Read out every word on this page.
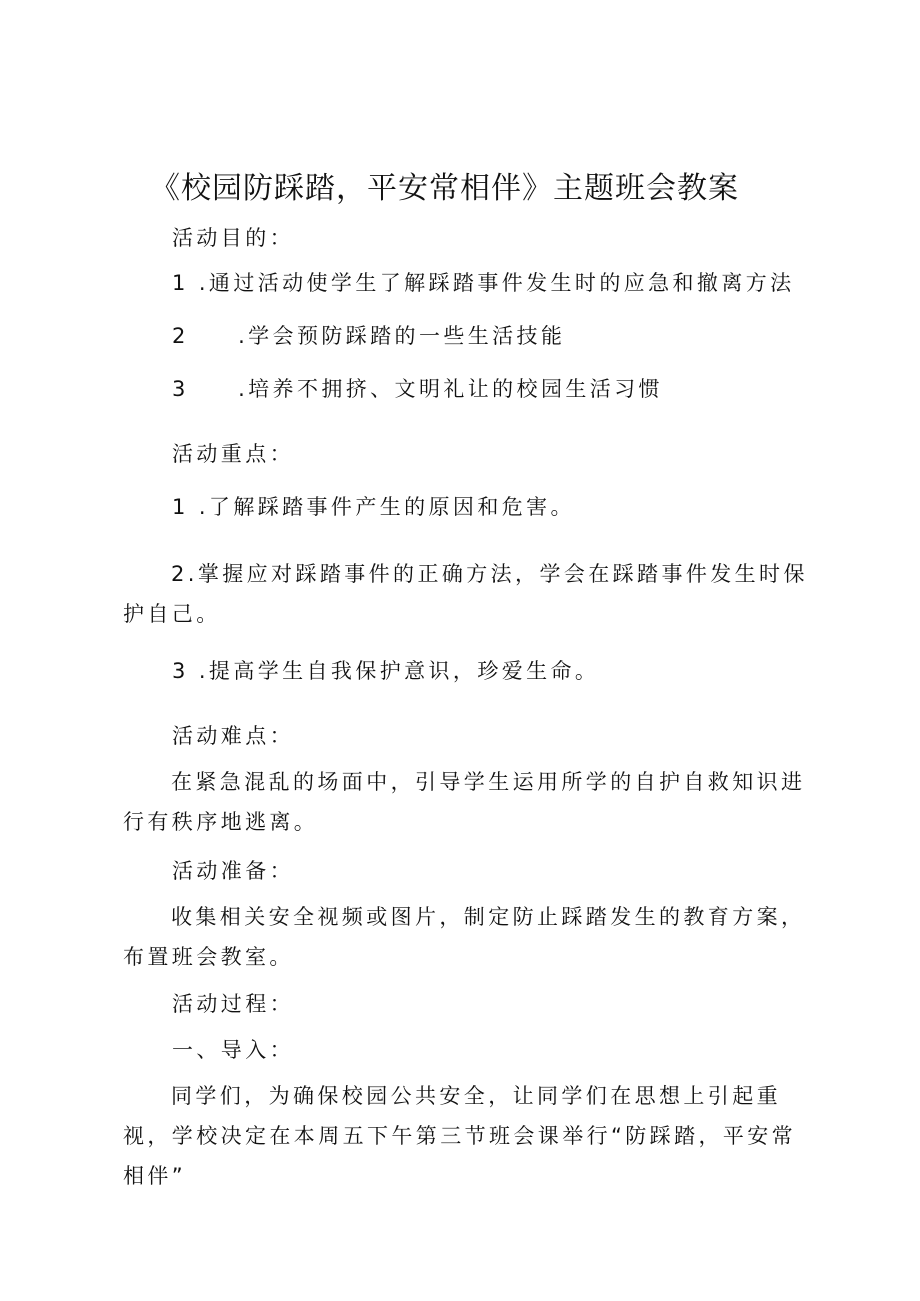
《校园防踩踏，平安常相伴》主题班会教案
活动目的：
1 .通过活动使学生了解踩踏事件发生时的应急和撤离方法
2 .学会预防踩踏的一些生活技能
3 .培养不拥挤、文明礼让的校园生活习惯
活动重点：
1 .了解踩踏事件产生的原因和危害。
2.掌握应对踩踏事件的正确方法，学会在踩踏事件发生时保护自己。
3 .提高学生自我保护意识，珍爱生命。
活动难点：
在紧急混乱的场面中，引导学生运用所学的自护自救知识进行有秩序地逃离。
活动准备：
收集相关安全视频或图片，制定防止踩踏发生的教育方案，布置班会教室。
活动过程：
一、导入：
同学们，为确保校园公共安全，让同学们在思想上引起重视，学校决定在本周五下午第三节班会课举行“防踩踏，平安常相伴”
